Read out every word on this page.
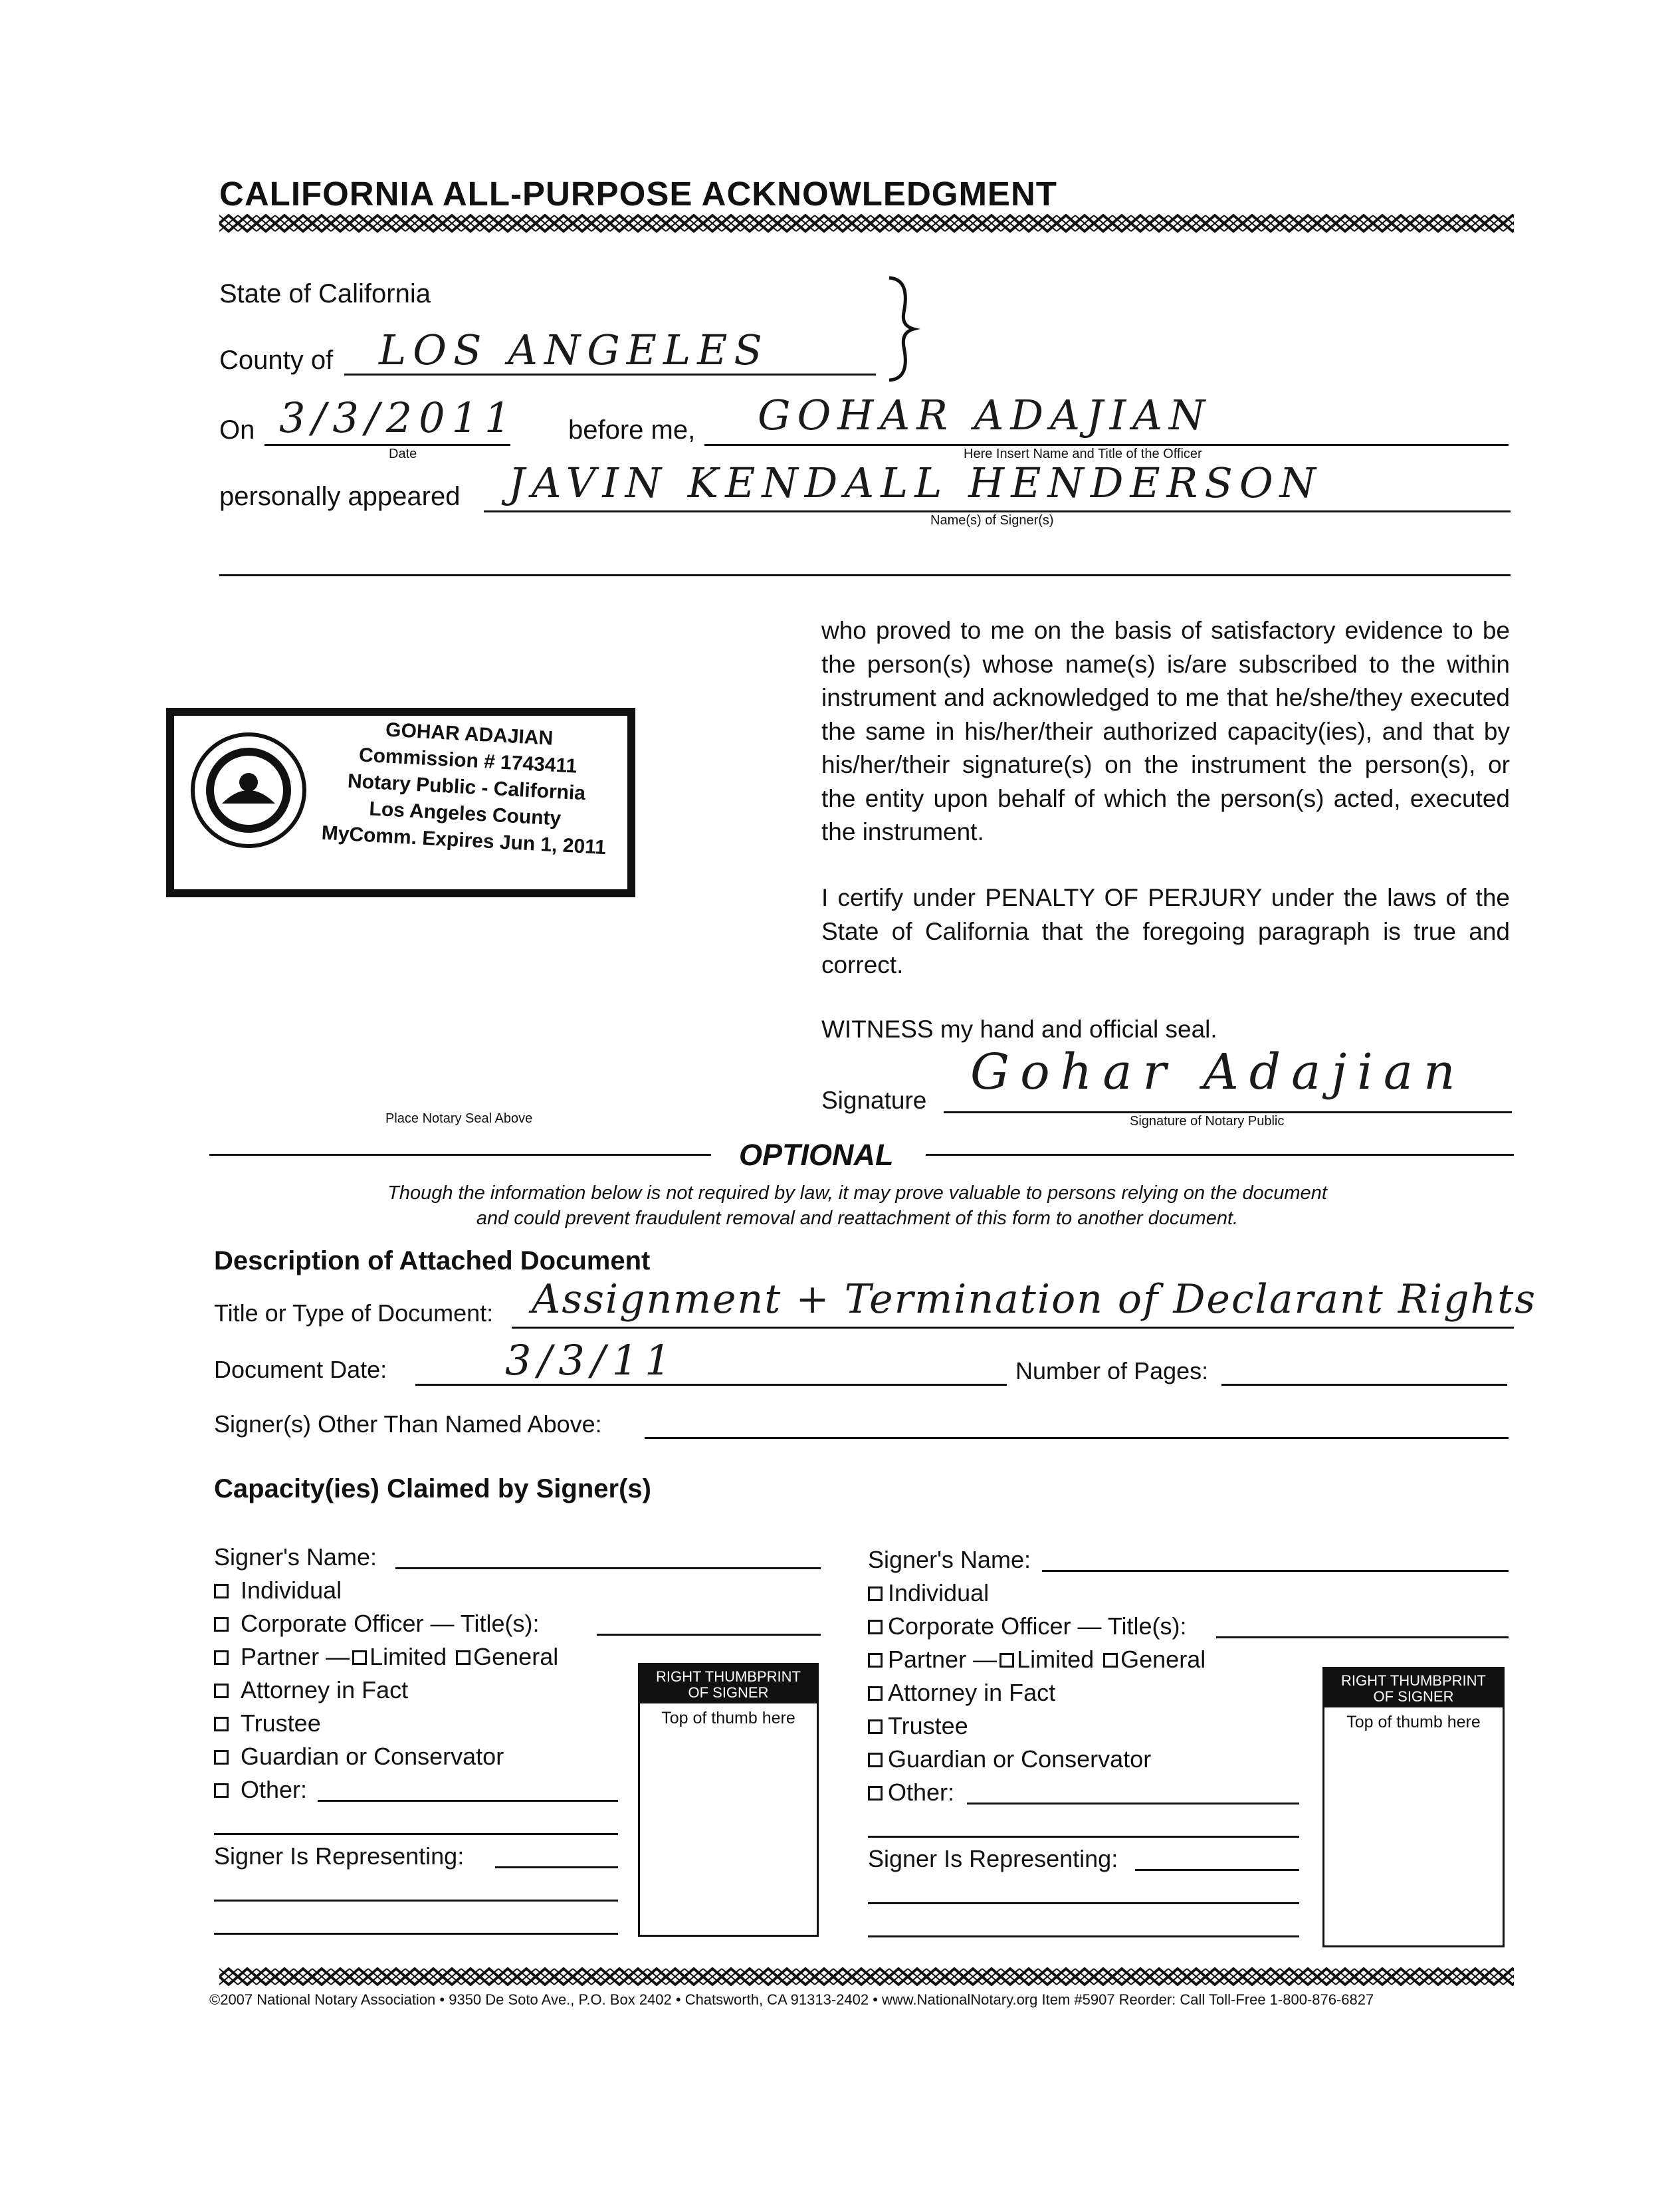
CALIFORNIA ALL-PURPOSE ACKNOWLEDGMENT
State of California
County of LOS ANGELES
On 3/3/2011
Date
before me, GOHAR ADAJIAN
Here Insert Name and Title of the Officer
personally appeared JAVIN KENDALL HENDERSON
Name(s) of Signer(s)
GOHAR ADAJIAN
Commission # 1743411
Notary Public - California
Los Angeles County
MyComm. Expires Jun 1, 2011
Place Notary Seal Above
who proved to me on the basis of satisfactory evidence to be the person(s) whose name(s) is/are subscribed to the within instrument and acknowledged to me that he/she/they executed the same in his/her/their authorized capacity(ies), and that by his/her/their signature(s) on the instrument the person(s), or the entity upon behalf of which the person(s) acted, executed the instrument.
I certify under PENALTY OF PERJURY under the laws of the State of California that the foregoing paragraph is true and correct.
WITNESS my hand and official seal.
Signature Gohar Adajian
Signature of Notary Public
OPTIONAL
Though the information below is not required by law, it may prove valuable to persons relying on the document
and could prevent fraudulent removal and reattachment of this form to another document.
Description of Attached Document
Title or Type of Document: Assignment + Termination of Declarant Rights
Document Date:	3/3/11	Number of Pages:
Signer(s) Other Than Named Above:
Capacity(ies) Claimed by Signer(s)
Signer's Name:
Individual
Corporate Officer — Title(s):
Partner — Limited General
Attorney in Fact
Trustee
Guardian or Conservator
Other:
Signer Is Representing:
RIGHT THUMBPRINT
OF SIGNER
Top of thumb here
Signer's Name:
Individual
Corporate Officer — Title(s):
Partner — Limited General
Attorney in Fact
Trustee
Guardian or Conservator
Other:
Signer Is Representing:
RIGHT THUMBPRINT
OF SIGNER
Top of thumb here
©2007 National Notary Association • 9350 De Soto Ave., P.O. Box 2402 • Chatsworth, CA 91313-2402 • www.NationalNotary.org Item #5907 Reorder: Call Toll-Free 1-800-876-6827
